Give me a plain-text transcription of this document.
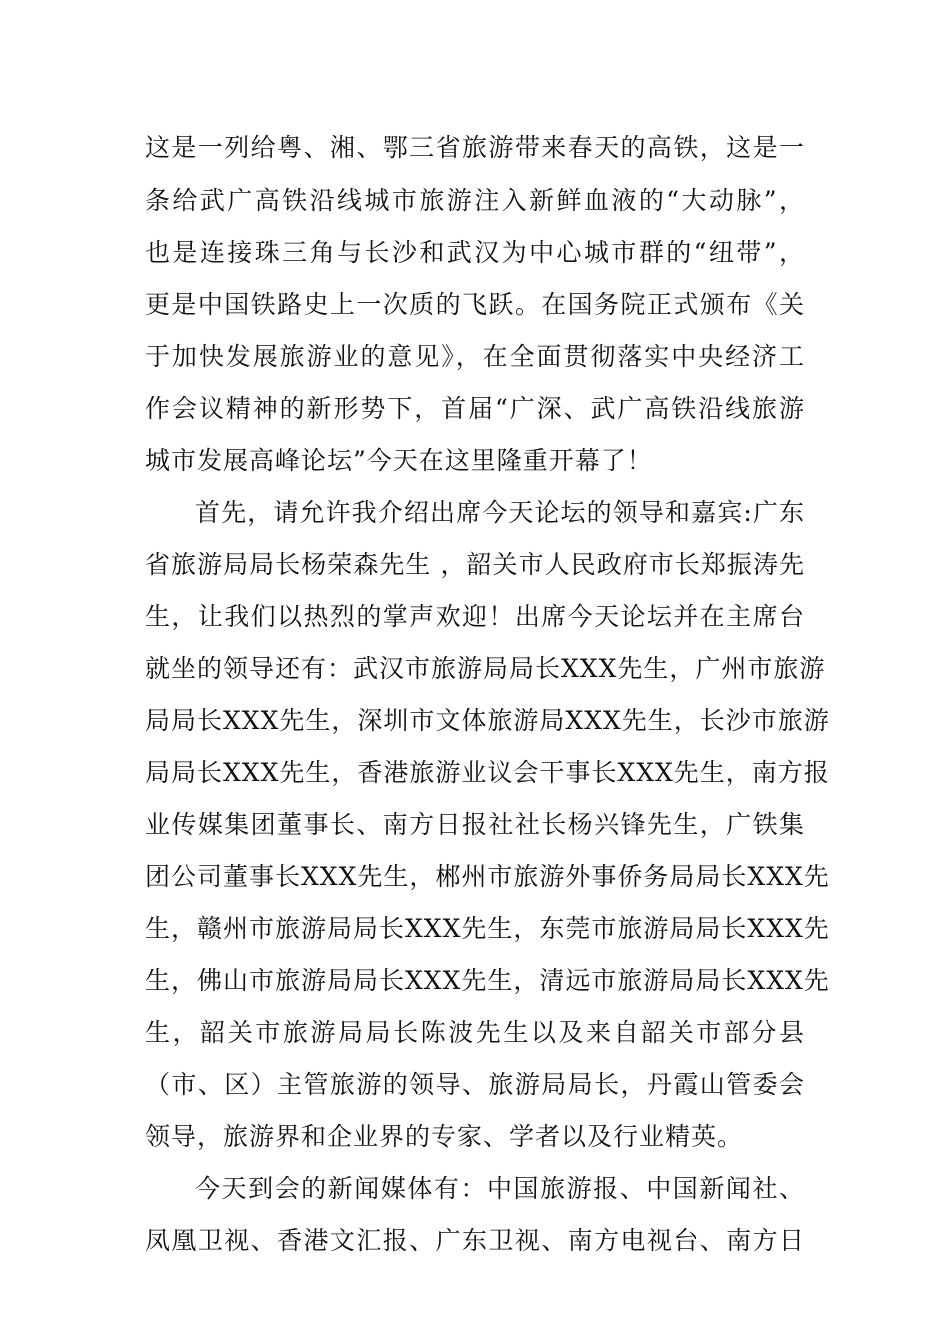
这是一列给粤、湘、鄂三省旅游带来春天的高铁，这是一
条给武广高铁沿线城市旅游注入新鲜血液的“大动脉”，
也是连接珠三角与长沙和武汉为中心城市群的“纽带”，
更是中国铁路史上一次质的飞跃。在国务院正式颁布《关
于加快发展旅游业的意见》，在全面贯彻落实中央经济工
作会议精神的新形势下，首届“广深、武广高铁沿线旅游
城市发展高峰论坛”今天在这里隆重开幕了！
首先，请允许我介绍出席今天论坛的领导和嘉宾:广东
省旅游局局长杨荣森先生 ，韶关市人民政府市长郑振涛先
生，让我们以热烈的掌声欢迎！出席今天论坛并在主席台
就坐的领导还有：武汉市旅游局局长XXX先生，广州市旅游
局局长XXX先生，深圳市文体旅游局XXX先生，长沙市旅游
局局长XXX先生，香港旅游业议会干事长XXX先生，南方报
业传媒集团董事长、南方日报社社长杨兴锋先生，广铁集
团公司董事长XXX先生，郴州市旅游外事侨务局局长XXX先
生，赣州市旅游局局长XXX先生，东莞市旅游局局长XXX先
生，佛山市旅游局局长XXX先生，清远市旅游局局长XXX先
生，韶关市旅游局局长陈波先生以及来自韶关市部分县
（市、区）主管旅游的领导、旅游局局长，丹霞山管委会
领导，旅游界和企业界的专家、学者以及行业精英。
今天到会的新闻媒体有：中国旅游报、中国新闻社、
凤凰卫视、香港文汇报、广东卫视、南方电视台、南方日
